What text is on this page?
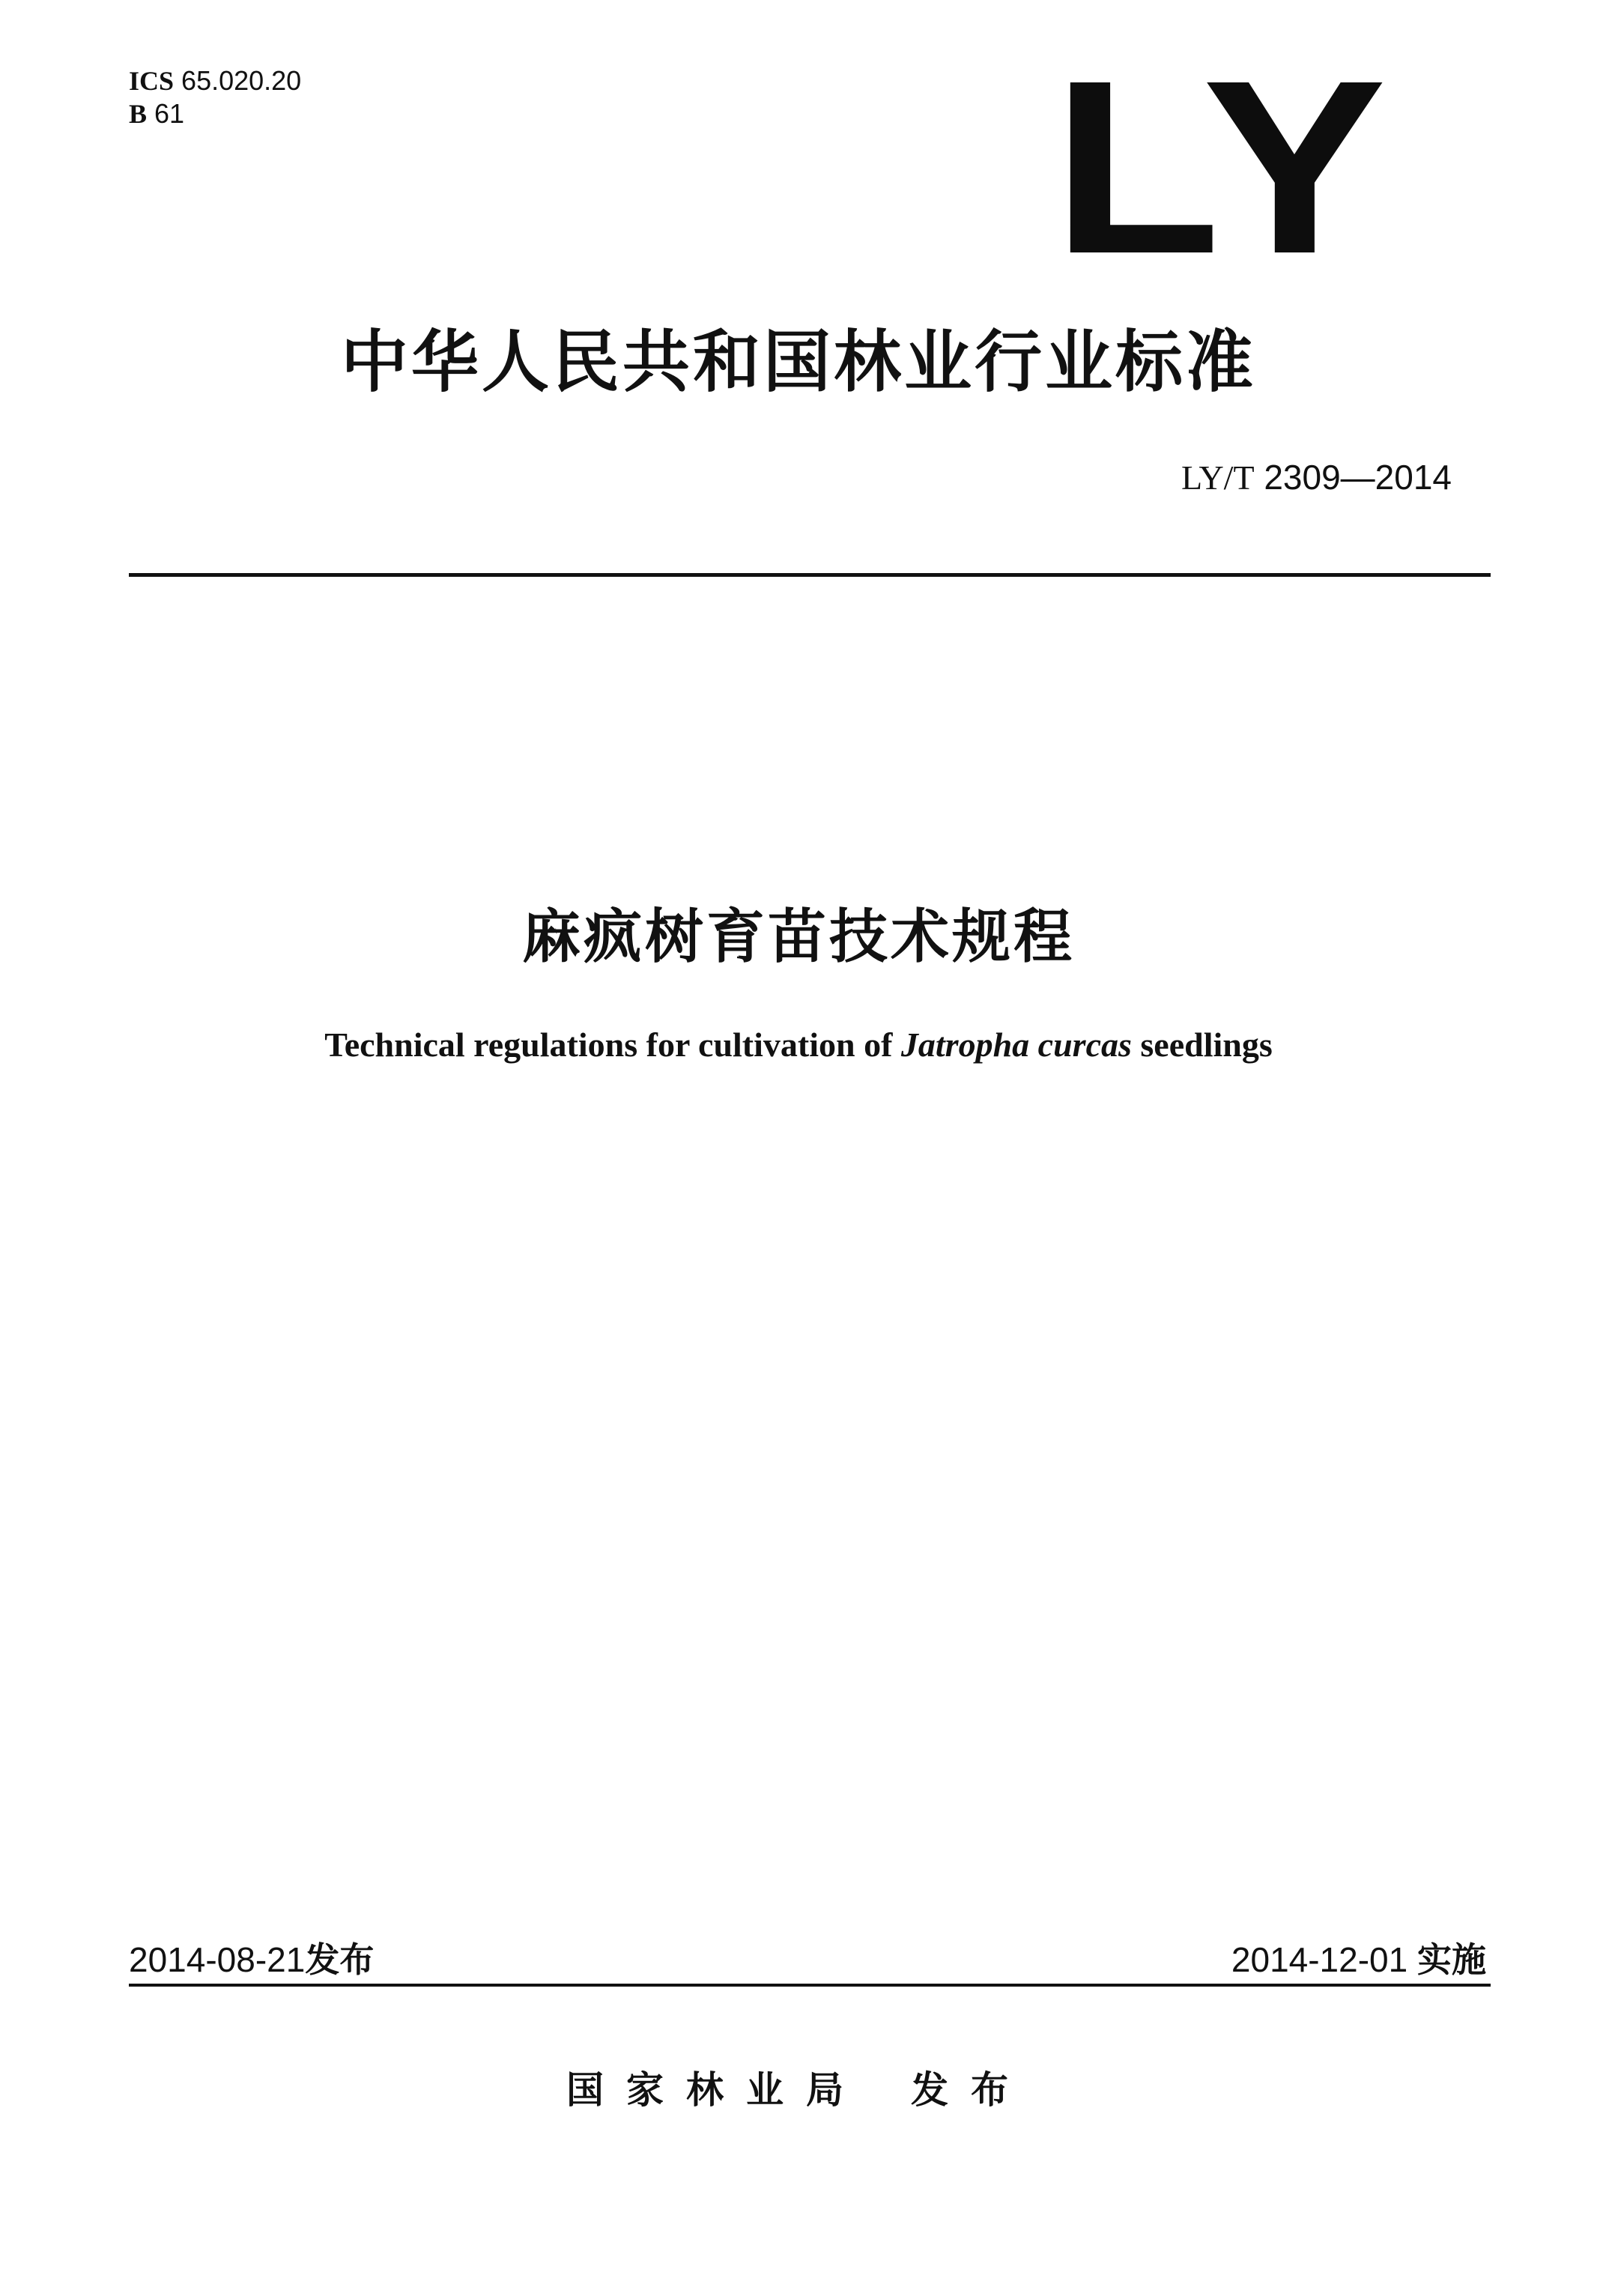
ICS 65.020.20
B 61	LY
中华人民共和国林业行业标准
LY/T 2309—2014
麻疯树育苗技术规程
Technical regulations for cultivation of Jatropha curcas seedlings
2014-08-21发布	2014-12-01 实施
国家林业局 发布
